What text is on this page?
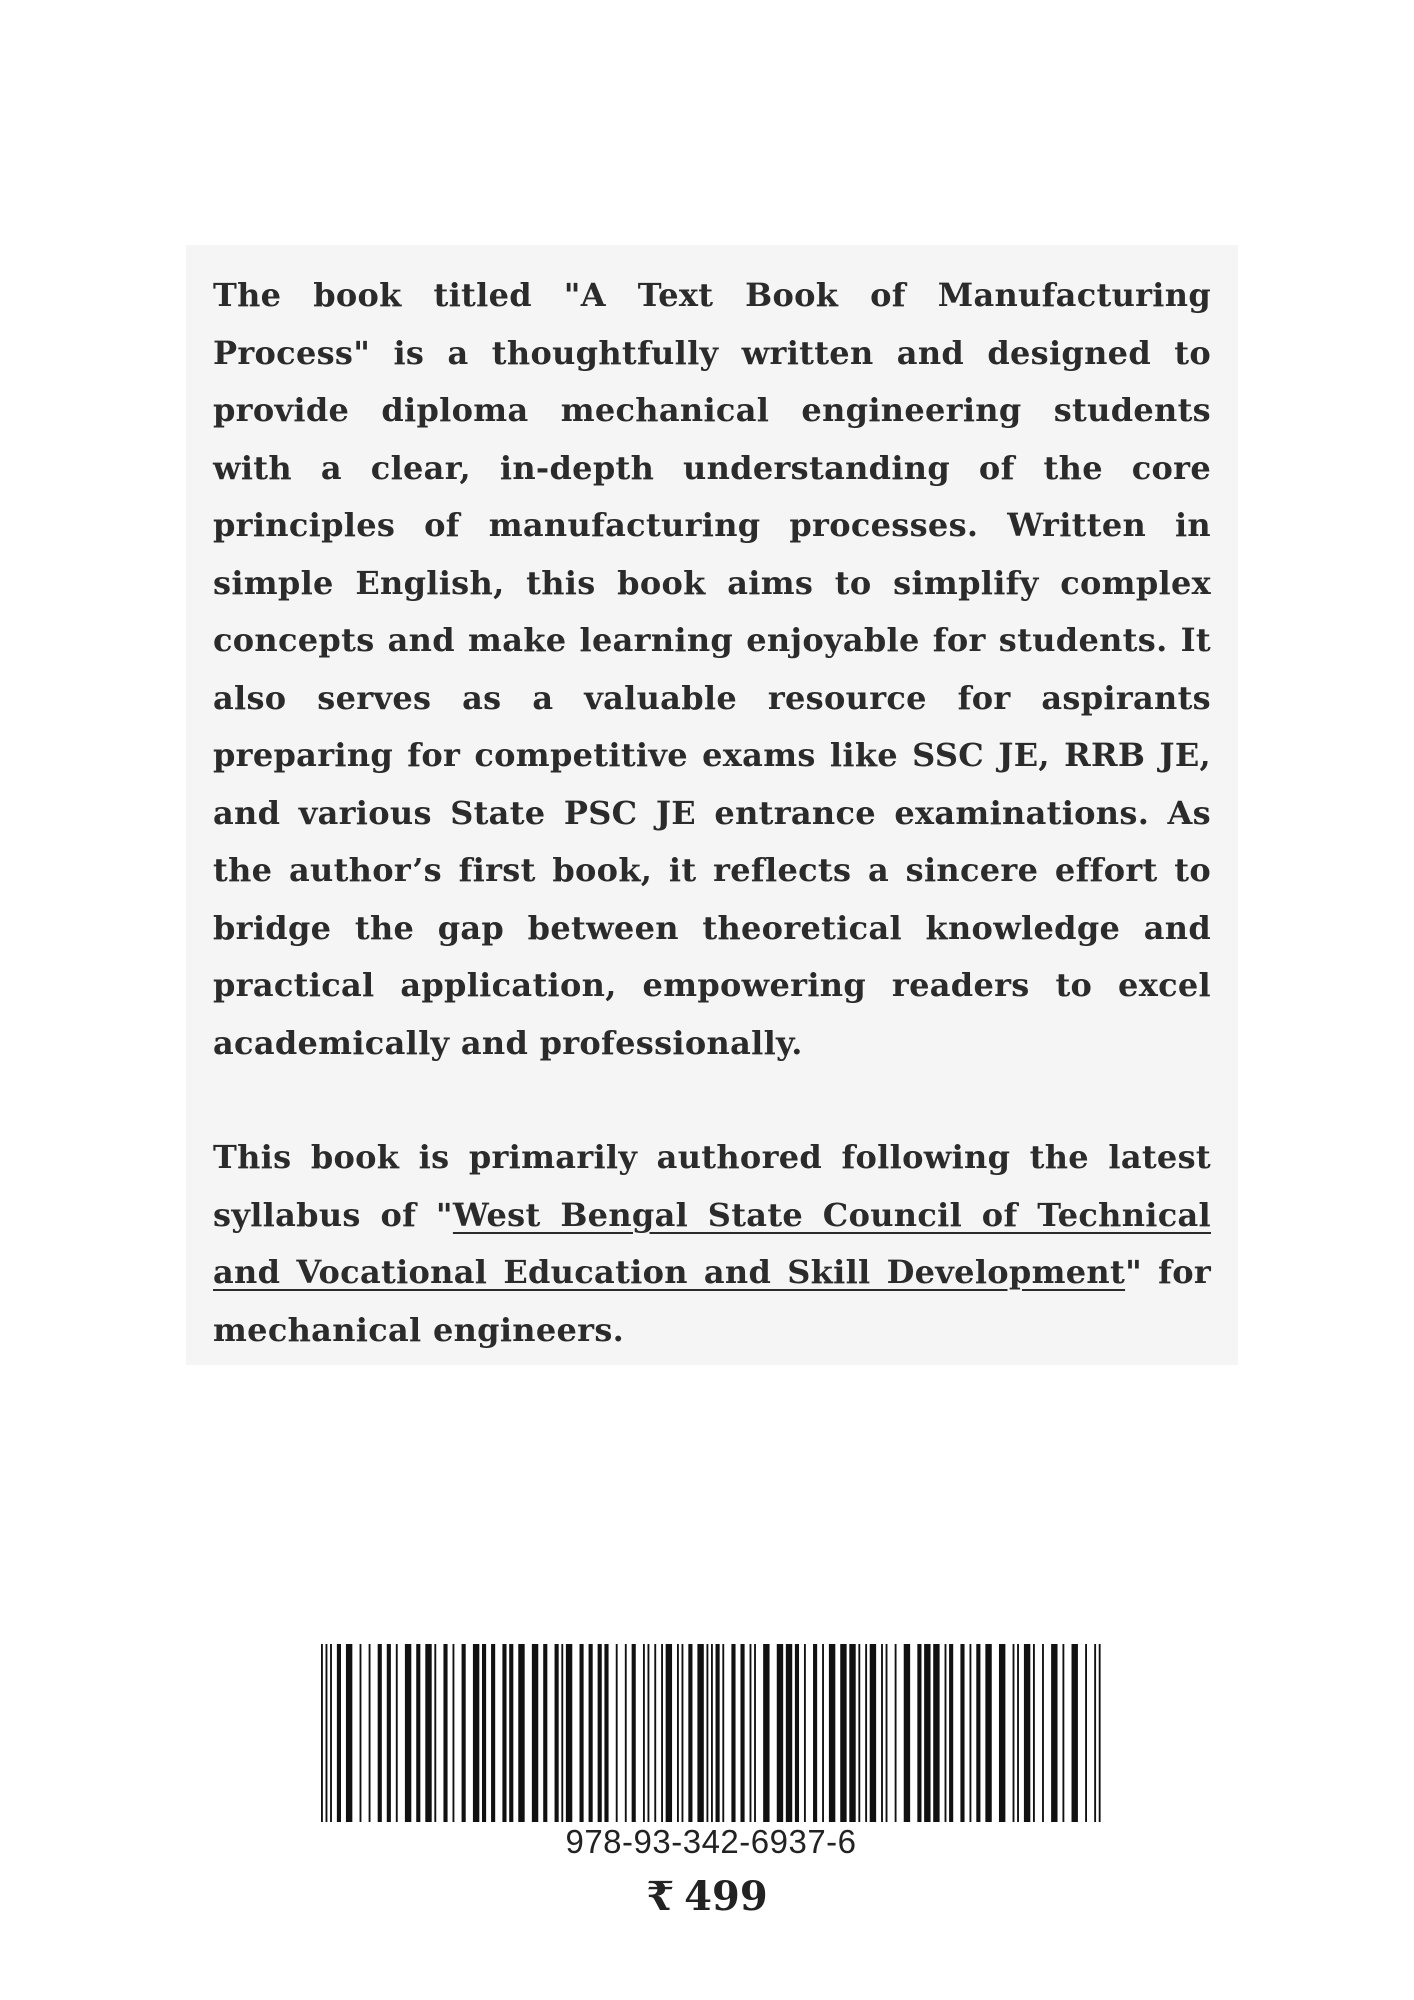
The book titled "A Text Book of Manufacturing Process" is a thoughtfully written and designed to provide diploma mechanical engineering students with a clear, in-depth understanding of the core principles of manufacturing processes. Written in simple English, this book aims to simplify complex concepts and make learning enjoyable for students. It also serves as a valuable resource for aspirants preparing for competitive exams like SSC JE, RRB JE, and various State PSC JE entrance examinations. As the author’s first book, it reflects a sincere effort to bridge the gap between theoretical knowledge and practical application, empowering readers to excel academically and professionally.

This book is primarily authored following the latest syllabus of "West Bengal State Council of Technical and Vocational Education and Skill Development" for mechanical engineers.

978-93-342-6937-6
₹ 499
